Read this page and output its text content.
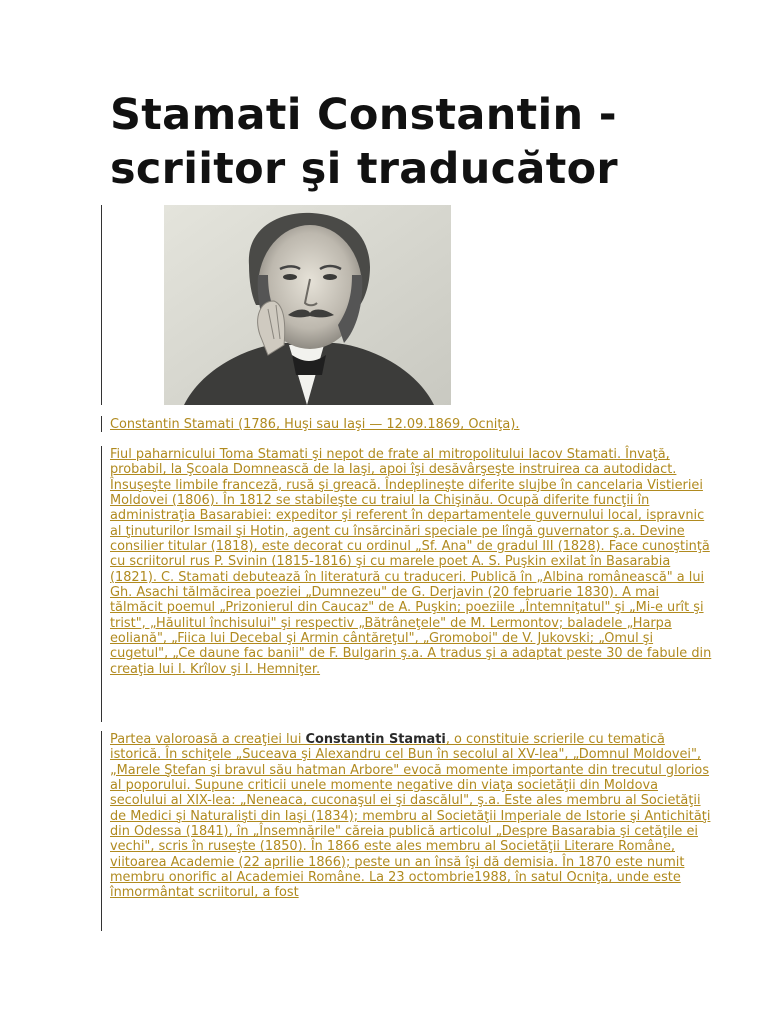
Stamati Constantin - scriitor şi traducător

Constantin Stamati (1786, Huşi sau Iaşi — 12.09.1869, Ocniţa).

Fiul paharnicului Toma Stamati şi nepot de frate al mitropolitului Iacov Stamati. Învaţă, probabil, la Şcoala Domnească de la Iaşi, apoi îşi desăvârşeşte instruirea ca autodidact. Însuşeşte limbile franceză, rusă şi greacă. Îndeplineşte diferite slujbe în cancelaria Vistieriei Moldovei (1806). În 1812 se stabileşte cu traiul la Chişinău. Ocupă diferite funcţii în administraţia Basarabiei: expeditor şi referent în departamentele guvernului local, ispravnic al ţinuturilor Ismail şi Hotin, agent cu însărcinări speciale pe lîngă guvernator ş.a. Devine consilier titular (1818), este decorat cu ordinul „Sf. Ana" de gradul III (1828). Face cunoştinţă cu scriitorul rus P. Svinin (1815-1816) şi cu marele poet A. S. Puşkin exilat în Basarabia (1821). C. Stamati debutează în literatură cu traduceri. Publică în „Albina românească" a lui Gh. Asachi tălmăcirea poeziei „Dumnezeu" de G. Derjavin (20 februarie 1830). A mai tălmăcit poemul „Prizonierul din Caucaz" de A. Puşkin; poeziile „Întemniţatul" şi „Mi-e urît şi trist", „Hăulitul închisului" şi respectiv „Bătrâneţele" de M. Lermontov; baladele „Harpa eoliană", „Fiica lui Decebal şi Armin cântăreţul", „Gromoboi" de V. Jukovski; „Omul şi cugetul", „Ce daune fac banii" de F. Bulgarin ş.a. A tradus şi a adaptat peste 30 de fabule din creaţia lui I. Krîlov şi I. Hemniţer.

Partea valoroasă a creaţiei lui Constantin Stamati, o constituie scrierile cu tematică istorică. În schiţele „Suceava şi Alexandru cel Bun în secolul al XV-lea", „Domnul Moldovei", „Marele Ştefan şi bravul său hatman Arbore" evocă momente importante din trecutul glorios al poporului. Supune criticii unele momente negative din viaţa societăţii din Moldova secolului al XIX-lea: „Neneaca, cuconaşul ei şi dascălul", ş.a. Este ales membru al Societăţii de Medici şi Naturalişti din Iaşi (1834); membru al Societăţii Imperiale de Istorie şi Antichităţi din Odessa (1841), în „Însemnările" căreia publică articolul „Despre Basarabia şi cetăţile ei vechi", scris în ruseşte (1850). În 1866 este ales membru al Societăţii Literare Române, viitoarea Academie (22 aprilie 1866); peste un an însă îşi dă demisia. În 1870 este numit membru onorific al Academiei Române. La 23 octombrie1988, în satul Ocniţa, unde este înmormântat scriitorul, a fost
